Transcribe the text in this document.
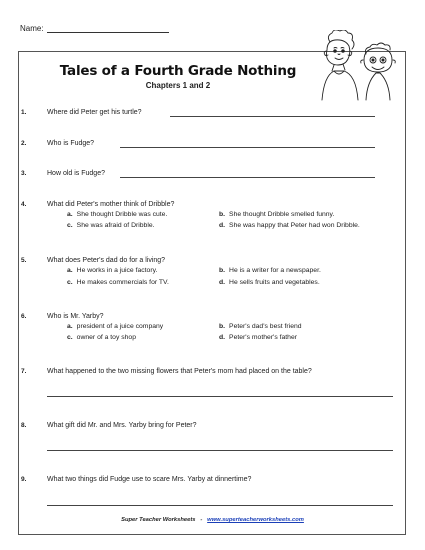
Name:
Tales of a Fourth Grade Nothing
Chapters 1 and 2
1.	Where did Peter get his turtle?
2.	Who is Fudge?
3.	How old is Fudge?
4.	What did Peter's mother think of Dribble?
a. She thought Dribble was cute.	b. She thought Dribble smelled funny.
c. She was afraid of Dribble.	d. She was happy that Peter had won Dribble.
5.	What does Peter's dad do for a living?
a. He works in a juice factory.	b. He is a writer for a newspaper.
c. He makes commercials for TV.	d. He sells fruits and vegetables.
6.	Who is Mr. Yarby?
a. president of a juice company	b. Peter's dad's best friend
c. owner of a toy shop	d. Peter's mother's father
7.	What happened to the two missing flowers that Peter's mom had placed on the table?
8.	What gift did Mr. and Mrs. Yarby bring for Peter?
9.	What two things did Fudge use to scare Mrs. Yarby at dinnertime?
Super Teacher Worksheets - www.superteacherworksheets.com
